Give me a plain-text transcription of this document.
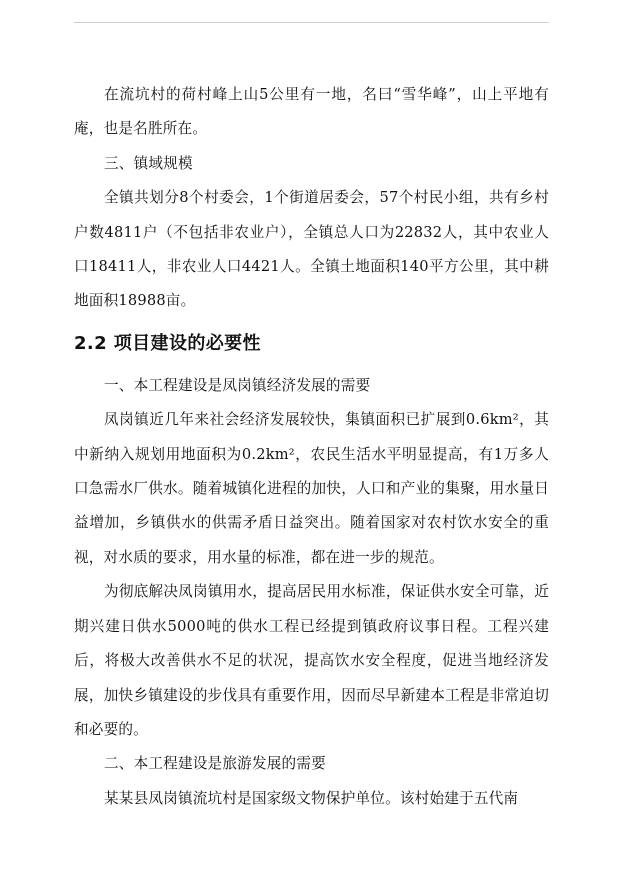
在流坑村的荷村峰上山5公里有一地，名曰“雪华峰”，山上平地有庵，也是名胜所在。

三、镇域规模

全镇共划分8个村委会，1个街道居委会，57个村民小组，共有乡村户数4811户（不包括非农业户），全镇总人口为22832人，其中农业人口18411人，非农业人口4421人。全镇土地面积140平方公里，其中耕地面积18988亩。

2.2 项目建设的必要性

一、本工程建设是凤岗镇经济发展的需要

凤岗镇近几年来社会经济发展较快，集镇面积已扩展到0.6km²，其中新纳入规划用地面积为0.2km²，农民生活水平明显提高，有1万多人口急需水厂供水。随着城镇化进程的加快，人口和产业的集聚，用水量日益增加，乡镇供水的供需矛盾日益突出。随着国家对农村饮水安全的重视，对水质的要求，用水量的标准，都在进一步的规范。

为彻底解决凤岗镇用水，提高居民用水标准，保证供水安全可靠，近期兴建日供水5000吨的供水工程已经提到镇政府议事日程。工程兴建后，将极大改善供水不足的状况，提高饮水安全程度，促进当地经济发展，加快乡镇建设的步伐具有重要作用，因而尽早新建本工程是非常迫切和必要的。

二、本工程建设是旅游发展的需要

某某县凤岗镇流坑村是国家级文物保护单位。该村始建于五代南
